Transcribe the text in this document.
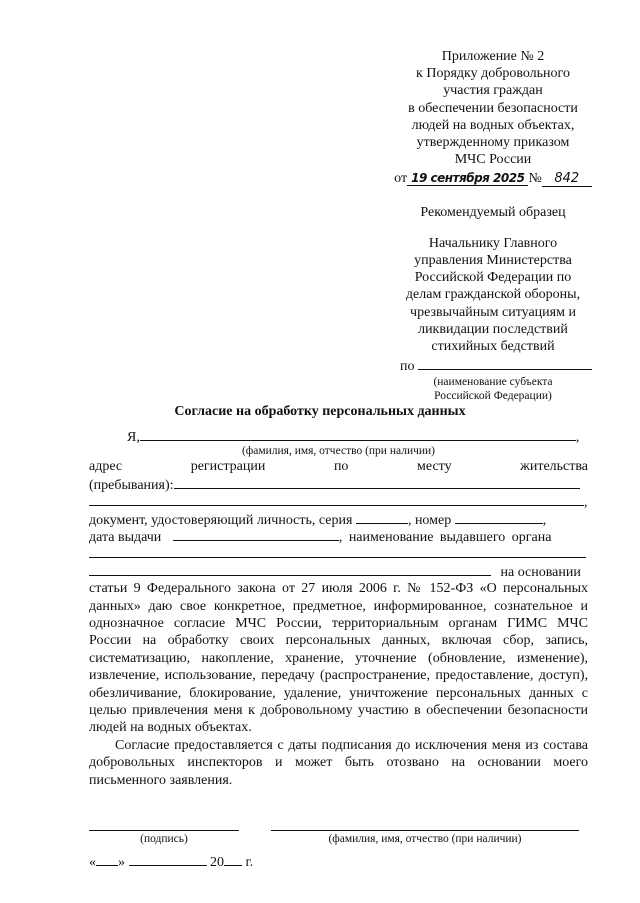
Приложение № 2

к Порядку добровольного

участия граждан

в обеспечении безопасности

людей на водных объектах,

утвержденному приказом

МЧС России

от 19 сентября 2025 № 842

Рекомендуемый образец

Начальнику Главного

управления Министерства

Российской Федерации по

делам гражданской обороны,

чрезвычайным ситуациям и

ликвидации последствий

стихийных бедствий

по

(наименование субъекта

Российской Федерации)

Согласие на обработку персональных данных
Я,	,
(фамилия, имя, отчество (при наличии)
адрес	регистрации	по	месту	жительства
(пребывания):
,
документ, удостоверяющий личность, серия	, номер	,
дата выдачи	, наименование выдавшего органа
на основании

статьи 9 Федерального закона от 27 июля 2006 г. № 152-ФЗ «О персональных данных» даю свое конкретное, предметное, информированное, сознательное и однозначное согласие МЧС России, территориальным органам ГИМС МЧС России на обработку своих персональных данных, включая сбор, запись, систематизацию, накопление, хранение, уточнение (обновление, изменение), извлечение, использование, передачу (распространение, предоставление, доступ), обезличивание, блокирование, удаление, уничтожение персональных данных с целью привлечения меня к добровольному участию в обеспечении безопасности людей на водных объектах.

Согласие предоставляется с даты подписания до исключения меня из состава добровольных инспекторов и может быть отозвано на основании моего письменного заявления.

(подпись)	(фамилия, имя, отчество (при наличии)
« »	20 г.
